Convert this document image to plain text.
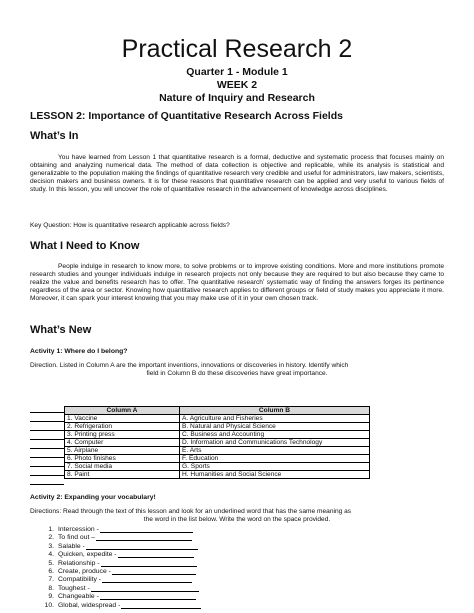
Practical Research 2
Quarter 1 - Module 1
WEEK 2
Nature of Inquiry and Research
LESSON 2: Importance of Quantitative Research Across Fields
What’s In

You have learned from Lesson 1 that quantitative research is a formal, deductive and systematic process that focuses mainly on obtaining and analyzing numerical data. The method of data collection is objective and replicable, while its analysis is statistical and generalizable to the population making the findings of quantitative research very credible and useful for administrators, law makers, scientists, decision makers and business owners. It is for these reasons that quantitative research can be applied and very useful to various fields of study. In this lesson, you will uncover the role of quantitative research in the advancement of knowledge across disciplines.

Key Question: How is quantitative research applicable across fields?

What I Need to Know

People indulge in research to know more, to solve problems or to improve existing conditions. More and more institutions promote research studies and younger individuals indulge in research projects not only because they are required to but also because they came to realize the value and benefits research has to offer. The quantitative research’ systematic way of finding the answers forges its pertinence regardless of the area or sector. Knowing how quantitative research applies to different groups or field of study makes you appreciate it more. Moreover, it can spark your interest knowing that you may make use of it in your own chosen track.

What’s New
Activity 1: Where do I belong?

Direction. Listed in Column A are the important inventions, innovations or discoveries in history. Identify which
field in Column B do these discoveries have great importance.

Column A	Column B
1. Vaccine	A. Agriculture and Fisheries
2. Refrigeration	B. Natural and Physical Science
3. Printing press	C. Business and Accounting
4. Computer	D. Information and Communications Technology
5. Airplane	E. Arts
6. Photo finishes	F. Education
7. Social media	G. Sports
8. Paint	H. Humanities and Social Science
Activity 2: Expanding your vocabulary!

Directions: Read through the text of this lesson and look for an underlined word that has the same meaning as
the word in the list below. Write the word on the space provided.

1. Intercession -
2. To find out –
3. Salable -
4. Quicken, expedite -
5. Relationship -
6. Create, produce -
7. Compatibility -
8. Toughest -
9. Changeable -
10. Global, widespread -
